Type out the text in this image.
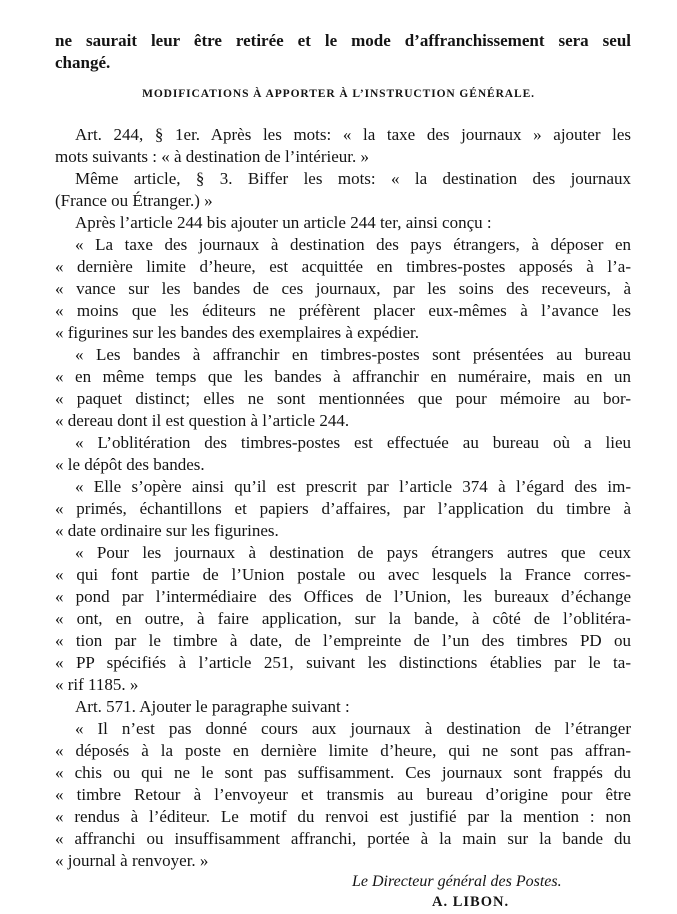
ne saurait leur être retirée et le mode d’affranchissement sera seul
changé.
MODIFICATIONS À APPORTER À L’INSTRUCTION GÉNÉRALE.
Art. 244, § 1er. Après les mots: « la taxe des journaux » ajouter les
mots suivants : « à destination de l’intérieur. »
Même article, § 3. Biffer les mots: « la destination des journaux
(France ou Étranger.) »
Après l’article 244 bis ajouter un article 244 ter, ainsi conçu :
« La taxe des journaux à destination des pays étrangers, à déposer en
« dernière limite d’heure, est acquittée en timbres-postes apposés à l’a-
« vance sur les bandes de ces journaux, par les soins des receveurs, à
« moins que les éditeurs ne préfèrent placer eux-mêmes à l’avance les
« figurines sur les bandes des exemplaires à expédier.
« Les bandes à affranchir en timbres-postes sont présentées au bureau
« en même temps que les bandes à affranchir en numéraire, mais en un
« paquet distinct; elles ne sont mentionnées que pour mémoire au bor-
« dereau dont il est question à l’article 244.
« L’oblitération des timbres-postes est effectuée au bureau où a lieu
« le dépôt des bandes.
« Elle s’opère ainsi qu’il est prescrit par l’article 374 à l’égard des im-
« primés, échantillons et papiers d’affaires, par l’application du timbre à
« date ordinaire sur les figurines.
« Pour les journaux à destination de pays étrangers autres que ceux
« qui font partie de l’Union postale ou avec lesquels la France corres-
« pond par l’intermédiaire des Offices de l’Union, les bureaux d’échange
« ont, en outre, à faire application, sur la bande, à côté de l’oblitéra-
« tion par le timbre à date, de l’empreinte de l’un des timbres PD ou
« PP spécifiés à l’article 251, suivant les distinctions établies par le ta-
« rif 1185. »
Art. 571. Ajouter le paragraphe suivant :
« Il n’est pas donné cours aux journaux à destination de l’étranger
« déposés à la poste en dernière limite d’heure, qui ne sont pas affran-
« chis ou qui ne le sont pas suffisamment. Ces journaux sont frappés du
« timbre Retour à l’envoyeur et transmis au bureau d’origine pour être
« rendus à l’éditeur. Le motif du renvoi est justifié par la mention : non
« affranchi ou insuffisamment affranchi, portée à la main sur la bande du
« journal à renvoyer. »
Le Directeur général des Postes.
A. LIBON.
